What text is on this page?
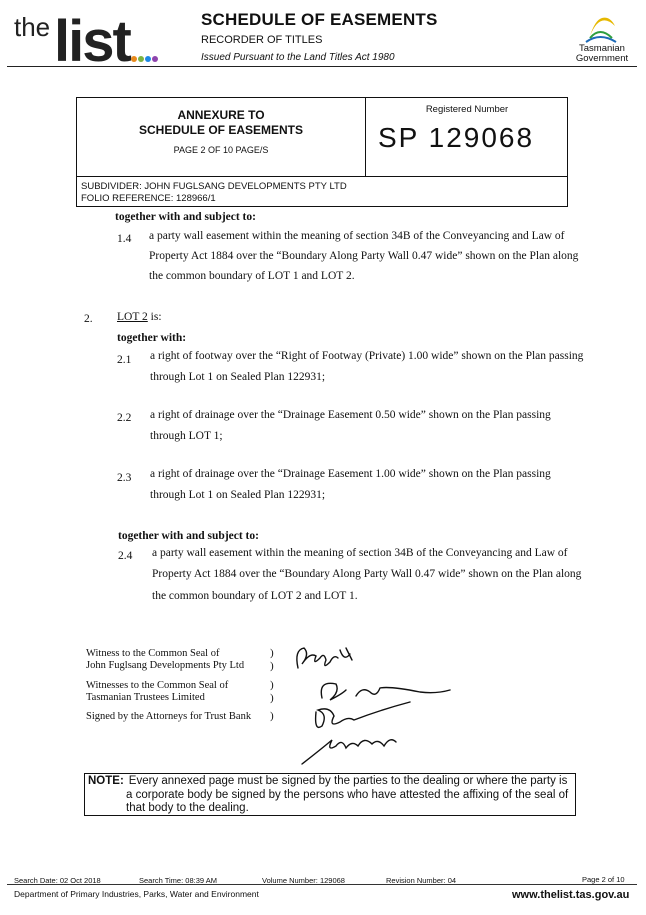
the list	SCHEDULE OF EASEMENTS
RECORDER OF TITLES
Issued Pursuant to the Land Titles Act 1980
Tasmanian
Government
ANNEXURE TO
SCHEDULE OF EASEMENTS
PAGE 2 OF 10 PAGE/S
Registered Number
SP 129068
SUBDIVIDER: JOHN FUGLSANG DEVELOPMENTS PTY LTD
FOLIO REFERENCE: 128966/1
together with and subject to:
1.4 a party wall easement within the meaning of section 34B of the Conveyancing and Law of
Property Act 1884 over the “Boundary Along Party Wall 0.47 wide” shown on the Plan along
the common boundary of LOT 1 and LOT 2.
2. LOT 2 is:
together with:
2.1 a right of footway over the “Right of Footway (Private) 1.00 wide” shown on the Plan passing
through Lot 1 on Sealed Plan 122931;
2.2 a right of drainage over the “Drainage Easement 0.50 wide” shown on the Plan passing
through LOT 1;
2.3 a right of drainage over the “Drainage Easement 1.00 wide” shown on the Plan passing
through Lot 1 on Sealed Plan 122931;
together with and subject to:
2.4 a party wall easement within the meaning of section 34B of the Conveyancing and Law of
Property Act 1884 over the “Boundary Along Party Wall 0.47 wide” shown on the Plan along
the common boundary of LOT 2 and LOT 1.
Witness to the Common Seal of
John Fuglsang Developments Pty Ltd
Witnesses to the Common Seal of
Tasmanian Trustees Limited
Signed by the Attorneys for Trust Bank
)
)
)
)
)
NOTE: Every annexed page must be signed by the parties to the dealing or where the party is a corporate body be signed by the persons who have attested the affixing of the seal of that body to the dealing.
Search Date: 02 Oct 2018	Search Time: 08:39 AM	Volume Number: 129068	Revision Number: 04	Page 2 of 10
Department of Primary Industries, Parks, Water and Environment	www.thelist.tas.gov.au
